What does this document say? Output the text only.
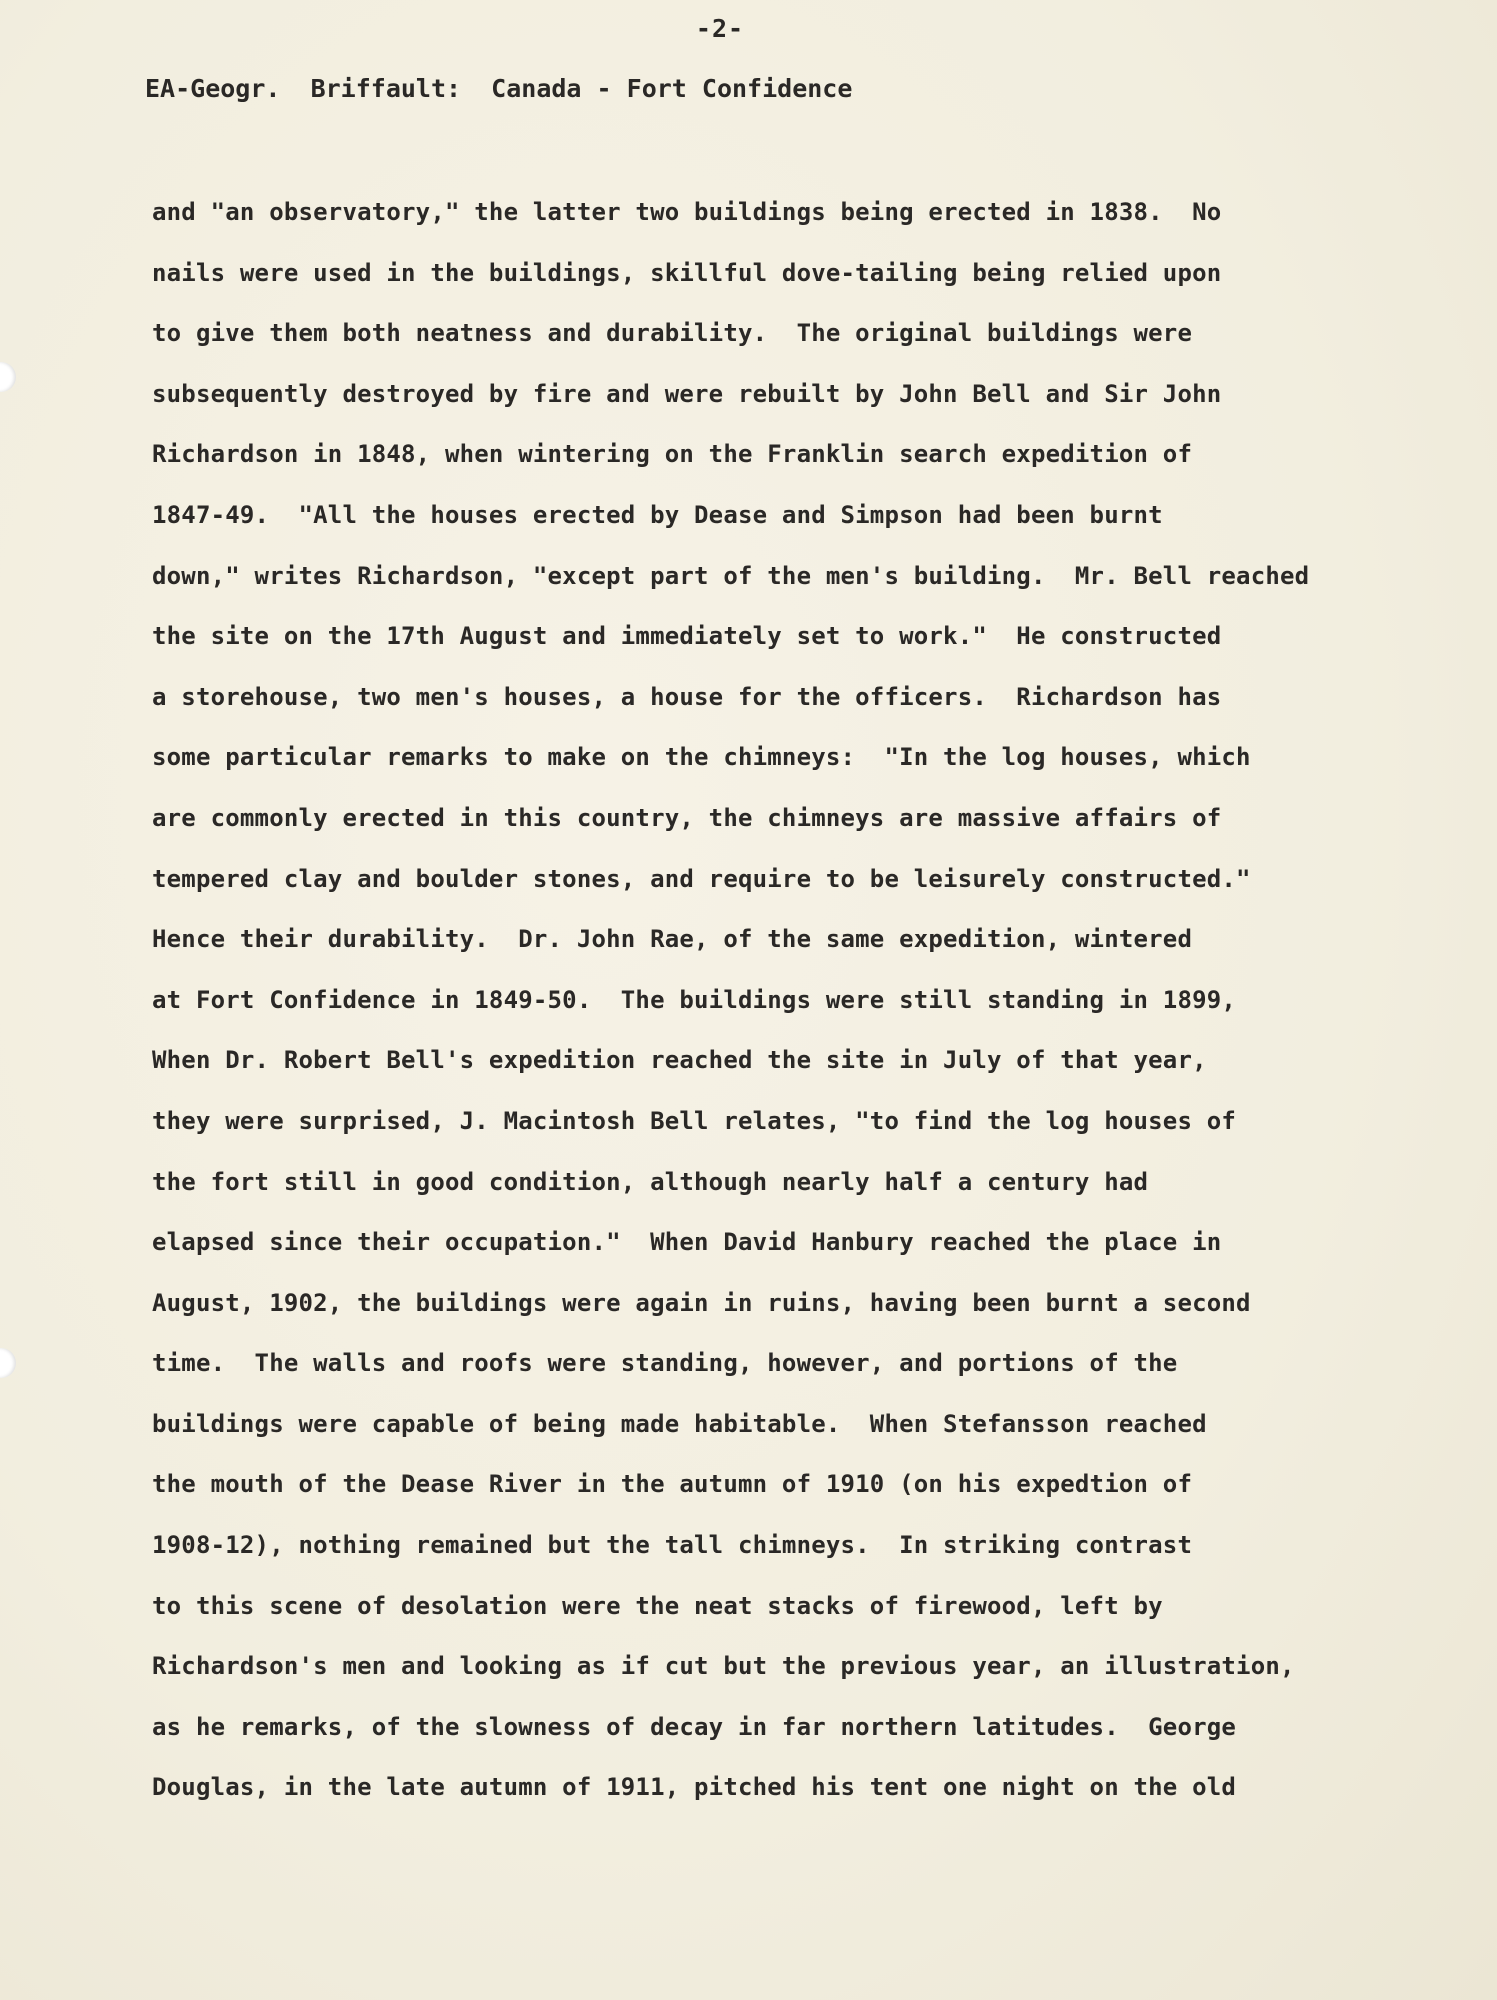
-2-
EA-Geogr.  Briffault:  Canada - Fort Confidence
and "an observatory," the latter two buildings being erected in 1838.  No
nails were used in the buildings, skillful dove-tailing being relied upon
to give them both neatness and durability.  The original buildings were
subsequently destroyed by fire and were rebuilt by John Bell and Sir John
Richardson in 1848, when wintering on the Franklin search expedition of
1847-49.  "All the houses erected by Dease and Simpson had been burnt
down," writes Richardson, "except part of the men's building.  Mr. Bell reached
the site on the 17th August and immediately set to work."  He constructed
a storehouse, two men's houses, a house for the officers.  Richardson has
some particular remarks to make on the chimneys:  "In the log houses, which
are commonly erected in this country, the chimneys are massive affairs of
tempered clay and boulder stones, and require to be leisurely constructed."
Hence their durability.  Dr. John Rae, of the same expedition, wintered
at Fort Confidence in 1849-50.  The buildings were still standing in 1899,
When Dr. Robert Bell's expedition reached the site in July of that year,
they were surprised, J. Macintosh Bell relates, "to find the log houses of
the fort still in good condition, although nearly half a century had
elapsed since their occupation."  When David Hanbury reached the place in
August, 1902, the buildings were again in ruins, having been burnt a second
time.  The walls and roofs were standing, however, and portions of the
buildings were capable of being made habitable.  When Stefansson reached
the mouth of the Dease River in the autumn of 1910 (on his expedtion of
1908-12), nothing remained but the tall chimneys.  In striking contrast
to this scene of desolation were the neat stacks of firewood, left by
Richardson's men and looking as if cut but the previous year, an illustration,
as he remarks, of the slowness of decay in far northern latitudes.  George
Douglas, in the late autumn of 1911, pitched his tent one night on the old
